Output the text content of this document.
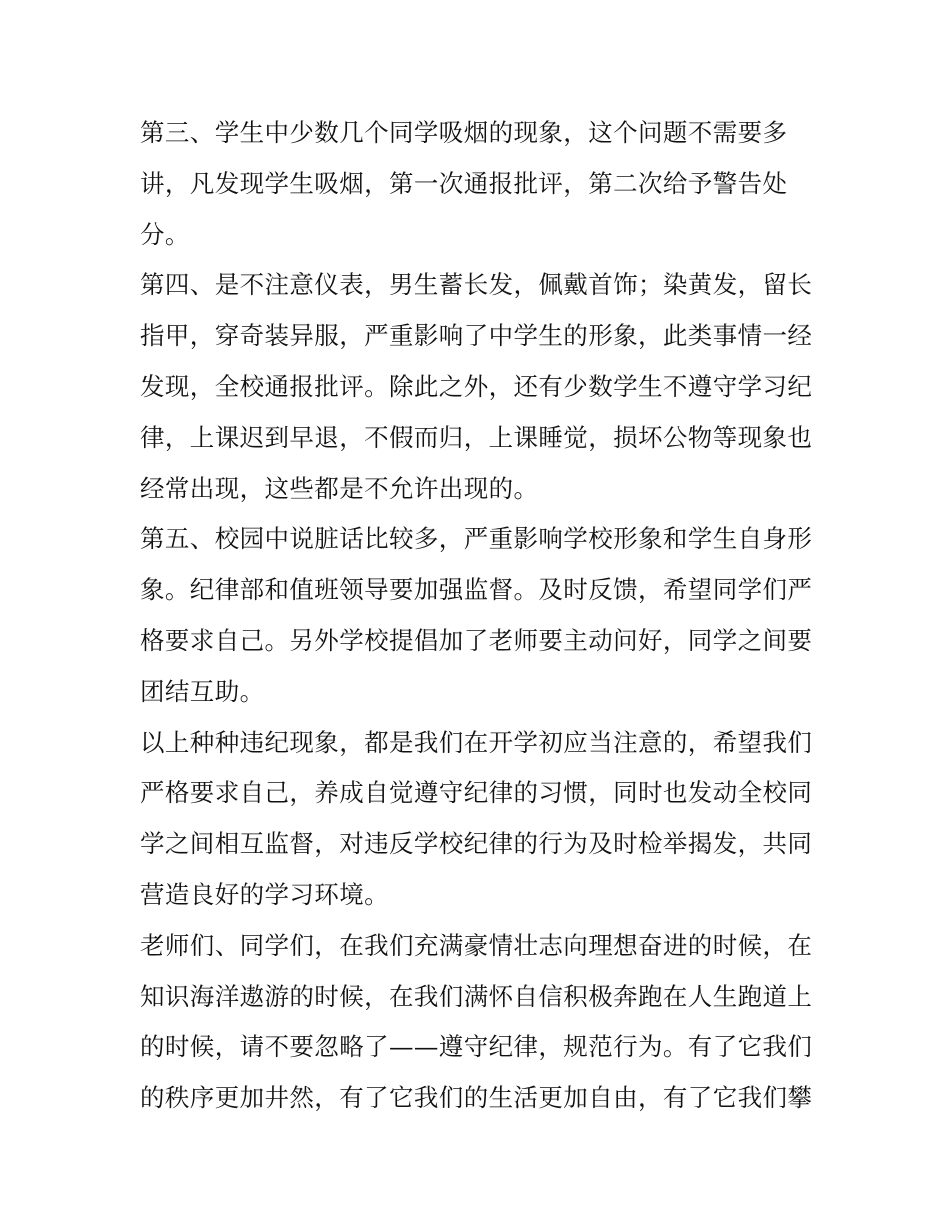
第三、学生中少数几个同学吸烟的现象，这个问题不需要多
讲，凡发现学生吸烟，第一次通报批评，第二次给予警告处
分。
第四、是不注意仪表，男生蓄长发，佩戴首饰；染黄发，留长
指甲，穿奇装异服，严重影响了中学生的形象，此类事情一经
发现，全校通报批评。除此之外，还有少数学生不遵守学习纪
律，上课迟到早退，不假而归，上课睡觉，损坏公物等现象也
经常出现，这些都是不允许出现的。
第五、校园中说脏话比较多，严重影响学校形象和学生自身形
象。纪律部和值班领导要加强监督。及时反馈，希望同学们严
格要求自己。另外学校提倡加了老师要主动问好，同学之间要
团结互助。
以上种种违纪现象，都是我们在开学初应当注意的，希望我们
严格要求自己，养成自觉遵守纪律的习惯，同时也发动全校同
学之间相互监督，对违反学校纪律的行为及时检举揭发，共同
营造良好的学习环境。
老师们、同学们，在我们充满豪情壮志向理想奋进的时候，在
知识海洋遨游的时候，在我们满怀自信积极奔跑在人生跑道上
的时候，请不要忽略了——遵守纪律，规范行为。有了它我们
的秩序更加井然，有了它我们的生活更加自由，有了它我们攀
